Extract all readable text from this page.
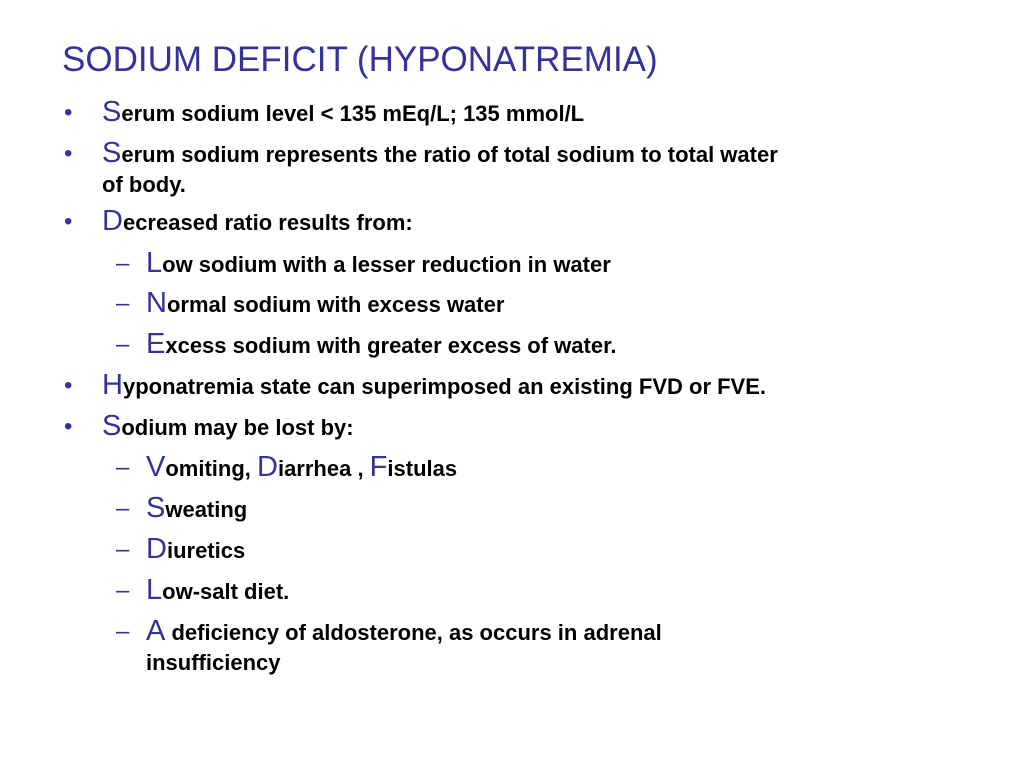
SODIUM DEFICIT (HYPONATREMIA)
• Serum sodium level < 135 mEq/L; 135 mmol/L
• Serum sodium represents the ratio of total sodium to total water
of body.
• Decreased ratio results from:
– Low sodium with a lesser reduction in water
– Normal sodium with excess water
– Excess sodium with greater excess of water.
• Hyponatremia state can superimposed an existing FVD or FVE.
• Sodium may be lost by:
– Vomiting, Diarrhea , Fistulas
– Sweating
– Diuretics
– Low-salt diet.
– A deficiency of aldosterone, as occurs in adrenal
insufficiency
